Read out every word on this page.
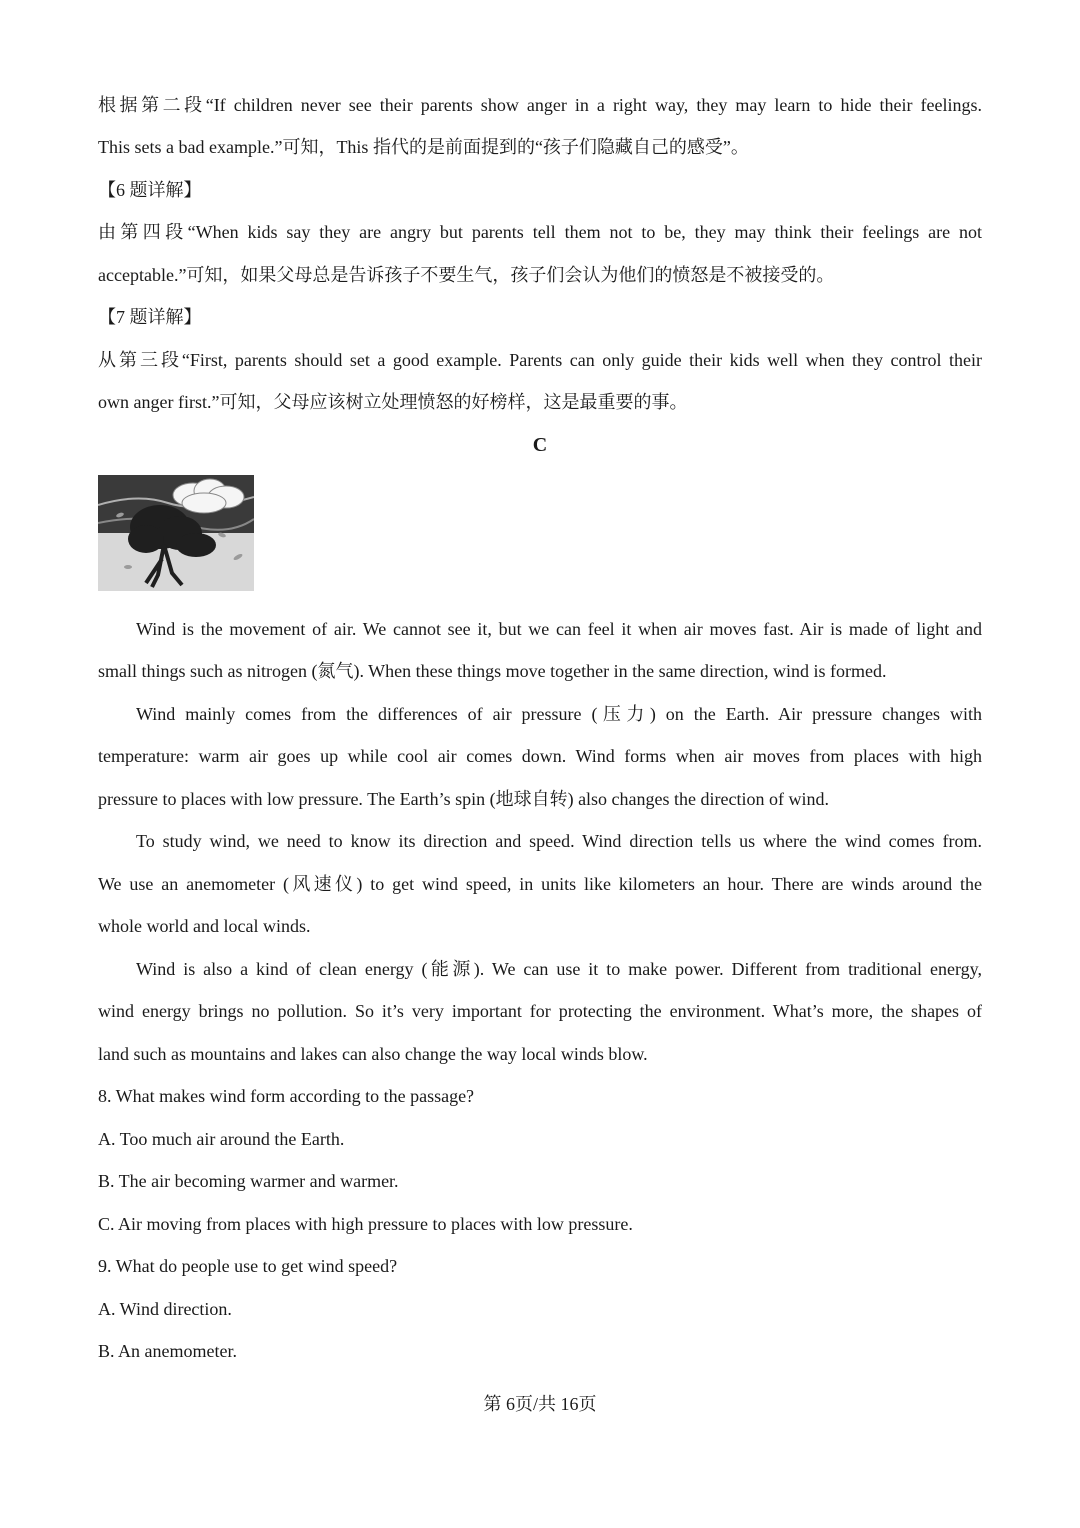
根据第二段“If children never see their parents show anger in a right way, they may learn to hide their feelings.
This sets a bad example.”可知，This 指代的是前面提到的“孩子们隐藏自己的感受”。
【6 题详解】
由第四段“When kids say they are angry but parents tell them not to be, they may think their feelings are not
acceptable.”可知，如果父母总是告诉孩子不要生气，孩子们会认为他们的愤怒是不被接受的。
【7 题详解】
从第三段“First, parents should set a good example. Parents can only guide their kids well when they control their
own anger first.”可知，父母应该树立处理愤怒的好榜样，这是最重要的事。
C
Wind is the movement of air. We cannot see it, but we can feel it when air moves fast. Air is made of light and
small things such as nitrogen (氮气). When these things move together in the same direction, wind is formed.
Wind mainly comes from the differences of air pressure (压力) on the Earth. Air pressure changes with
temperature: warm air goes up while cool air comes down. Wind forms when air moves from places with high
pressure to places with low pressure. The Earth’s spin (地球自转) also changes the direction of wind.
To study wind, we need to know its direction and speed. Wind direction tells us where the wind comes from.
We use an anemometer (风速仪) to get wind speed, in units like kilometers an hour. There are winds around the
whole world and local winds.
Wind is also a kind of clean energy (能源). We can use it to make power. Different from traditional energy,
wind energy brings no pollution. So it’s very important for protecting the environment. What’s more, the shapes of
land such as mountains and lakes can also change the way local winds blow.
8. What makes wind form according to the passage?
A. Too much air around the Earth.
B. The air becoming warmer and warmer.
C. Air moving from places with high pressure to places with low pressure.
9. What do people use to get wind speed?
A. Wind direction.
B. An anemometer.
第 6页/共 16页
